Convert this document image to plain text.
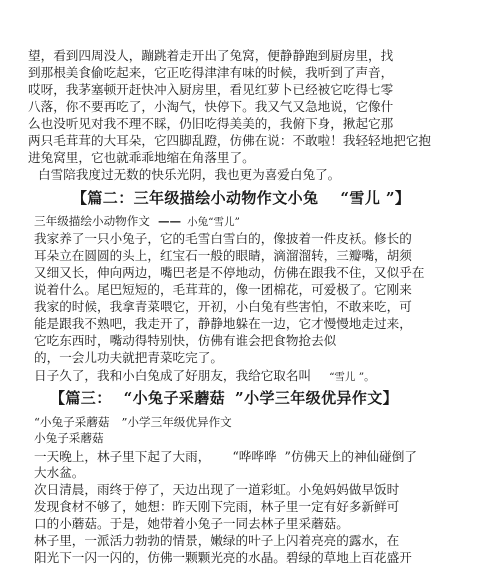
望，看到四周没人，蹦跳着走开出了兔窝，便静静跑到厨房里，找
到那根美食偷吃起来，它正吃得津津有味的时候，我听到了声音，
哎呀，我茅塞顿开赶快冲入厨房里，看见红萝卜已经被它吃得七零
八落，你不要再吃了，小淘气，快停下。我又气又急地说，它像什
么也没听见对我不理不睬，仍旧吃得美美的，我俯下身，揪起它那
两只毛茸茸的大耳朵，它四脚乱蹬，仿佛在说：不敢啦！我轻轻地把它抱
进兔窝里，它也就乖乖地缩在角落里了。
白雪陪我度过无数的快乐光阴，我也更为喜爱白兔了。
【篇二：三年级描绘小动物作文小兔 “雪儿 ”】
三年级描绘小动物作文 —— 小兔“雪儿”
我家养了一只小兔子，它的毛雪白雪白的，像披着一件皮袄。修长的
耳朵立在圆圆的头上，红宝石一般的眼睛，滴溜溜转，三瓣嘴，胡须
又细又长，伸向两边，嘴巴老是不停地动，仿佛在跟我不住，又似乎在
说着什么。尾巴短短的，毛茸茸的，像一团棉花，可爱极了。它刚来
我家的时候，我拿青菜喂它，开初，小白兔有些害怕，不敢来吃，可
能是跟我不熟吧，我走开了，静静地躲在一边，它才慢慢地走过来，
它吃东西时，嘴动得特别快，仿佛有谁会把食物抢去似
的，一会儿功夫就把青菜吃完了。
日子久了，我和小白兔成了好朋友，我给它取名叫 “雪儿 ”。
【篇三： “小兔子采蘑菇 ”小学三年级优异作文】
“小兔子采蘑菇 ”小学三年级优异作文
小兔子采蘑菇
一天晚上，林子里下起了大雨， “哗哗哗 ”仿佛天上的神仙碰倒了
大水盆。
次日清晨，雨终于停了，天边出现了一道彩虹。小兔妈妈做早饭时
发现食材不够了，她想：昨天刚下完雨，林子里一定有好多新鲜可
口的小蘑菇。于是，她带着小兔子一同去林子里采蘑菇。
林子里，一派活力勃勃的情景，嫩绿的叶子上闪着亮亮的露水，在
阳光下一闪一闪的，仿佛一颗颗光亮的水晶。碧绿的草地上百花盛开
